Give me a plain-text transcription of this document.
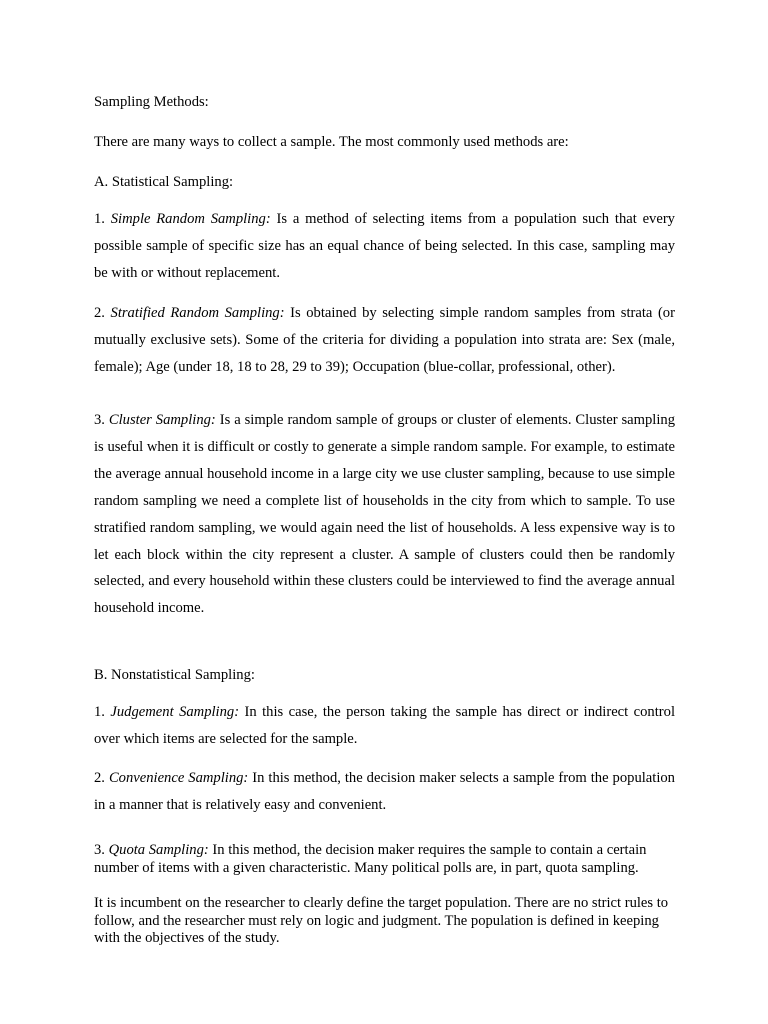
Sampling Methods:

There are many ways to collect a sample. The most commonly used methods are:

A. Statistical Sampling:

1. Simple Random Sampling: Is a method of selecting items from a population such that every possible sample of specific size has an equal chance of being selected. In this case, sampling may be with or without replacement.

2. Stratified Random Sampling: Is obtained by selecting simple random samples from strata (or mutually exclusive sets). Some of the criteria for dividing a population into strata are: Sex (male, female); Age (under 18, 18 to 28, 29 to 39); Occupation (blue-collar, professional, other).

3. Cluster Sampling: Is a simple random sample of groups or cluster of elements. Cluster sampling is useful when it is difficult or costly to generate a simple random sample. For example, to estimate the average annual household income in a large city we use cluster sampling, because to use simple random sampling we need a complete list of households in the city from which to sample. To use stratified random sampling, we would again need the list of households. A less expensive way is to let each block within the city represent a cluster. A sample of clusters could then be randomly selected, and every household within these clusters could be interviewed to find the average annual household income.

B. Nonstatistical Sampling:

1. Judgement Sampling: In this case, the person taking the sample has direct or indirect control over which items are selected for the sample.

2. Convenience Sampling: In this method, the decision maker selects a sample from the population in a manner that is relatively easy and convenient.

3. Quota Sampling: In this method, the decision maker requires the sample to contain a certain number of items with a given characteristic. Many political polls are, in part, quota sampling.

It is incumbent on the researcher to clearly define the target population. There are no strict rules to follow, and the researcher must rely on logic and judgment. The population is defined in keeping with the objectives of the study.
